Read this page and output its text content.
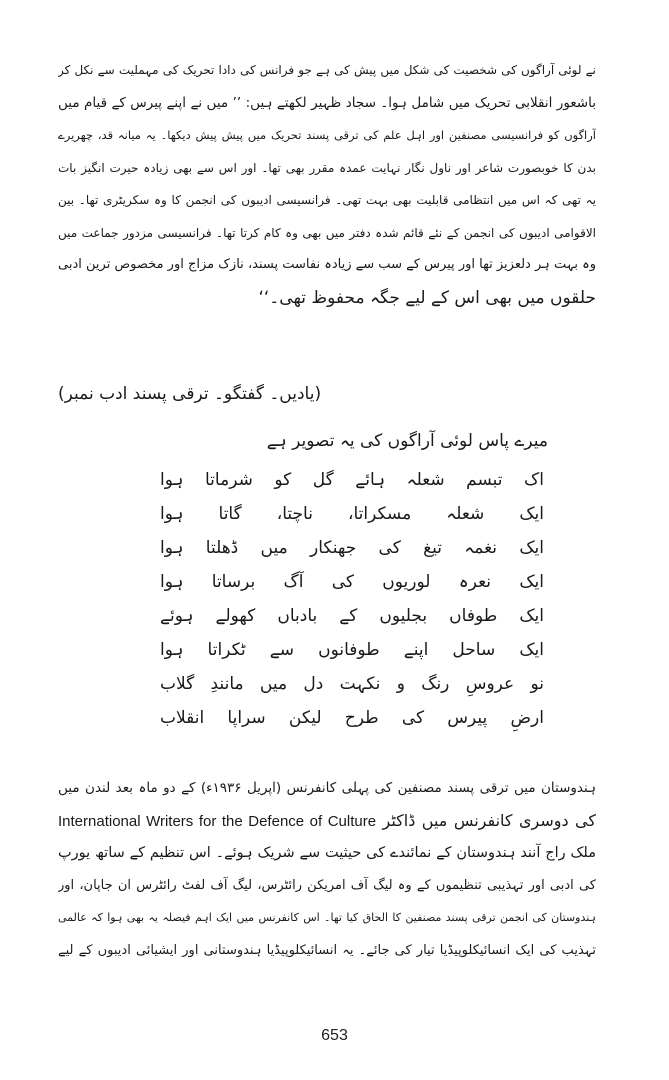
نے لوئی آراگوں کی شخصیت کی شکل میں پیش کی ہے جو فرانس کی دادا تحریک کی مہملیت سے نکل کر
باشعور انقلابی تحریک میں شامل ہوا۔ سجاد ظہیر لکھتے ہیں: ’’ میں نے اپنے پیرس کے قیام میں
آراگوں کو فرانسیسی مصنفین اور اہل علم کی ترقی پسند تحریک میں پیش پیش دیکھا۔ یہ میانہ قد، چھریرے
بدن کا خوبصورت شاعر اور ناول نگار نہایت عمدہ مقرر بھی تھا۔ اور اس سے بھی زیادہ حیرت انگیز بات
یہ تھی کہ اس میں انتظامی قابلیت بھی بہت تھی۔ فرانسیسی ادیبوں کی انجمن کا وہ سکریٹری تھا۔ بین
الاقوامی ادیبوں کی انجمن کے نئے قائم شدہ دفتر میں بھی وہ کام کرتا تھا۔ فرانسیسی مزدور جماعت میں
وہ بہت ہر دلعزیز تھا اور پیرس کے سب سے زیادہ نفاست پسند، نازک مزاج اور مخصوص ترین ادبی
حلقوں میں بھی اس کے لیے جگہ محفوظ تھی۔‘‘
(یادیں۔ گفتگو۔ ترقی پسند ادب نمبر)
میرے پاس لوئی آراگوں کی یہ تصویر ہے
اک تبسم شعلہ ہائے گل کو شرماتا ہوا
ایک شعلہ مسکراتا، ناچتا، گاتا ہوا
ایک نغمہ تیغ کی جھنکار میں ڈھلتا ہوا
ایک نعرہ لوریوں کی آگ برساتا ہوا
ایک طوفاں بجلیوں کے بادباں کھولے ہوئے
ایک ساحل اپنے طوفانوں سے ٹکراتا ہوا
نو عروسِ رنگ و نکہت دل میں مانندِ گلاب
ارضِ پیرس کی طرح لیکن سراپا انقلاب
ہندوستان میں ترقی پسند مصنفین کی پہلی کانفرنس (اپریل ۱۹۳۶ء) کے دو ماہ بعد لندن میں
کی دوسری کانفرنس میں ڈاکٹر International Writers for the Defence of Culture
ملک راج آنند ہندوستان کے نمائندے کی حیثیت سے شریک ہوئے۔ اس تنظیم کے ساتھ یورپ
کی ادبی اور تہذیبی تنظیموں کے وہ لیگ آف امریکن رائٹرس، لیگ آف لفٹ رائٹرس ان جاپان، اور
ہندوستان کی انجمن ترقی پسند مصنفین کا الحاق کیا تھا۔ اس کانفرنس میں ایک اہم فیصلہ یہ بھی ہوا کہ عالمی
تہذیب کی ایک انسائیکلوپیڈیا تیار کی جائے۔ یہ انسائیکلوپیڈیا ہندوستانی اور ایشیائی ادیبوں کے لیے
653
